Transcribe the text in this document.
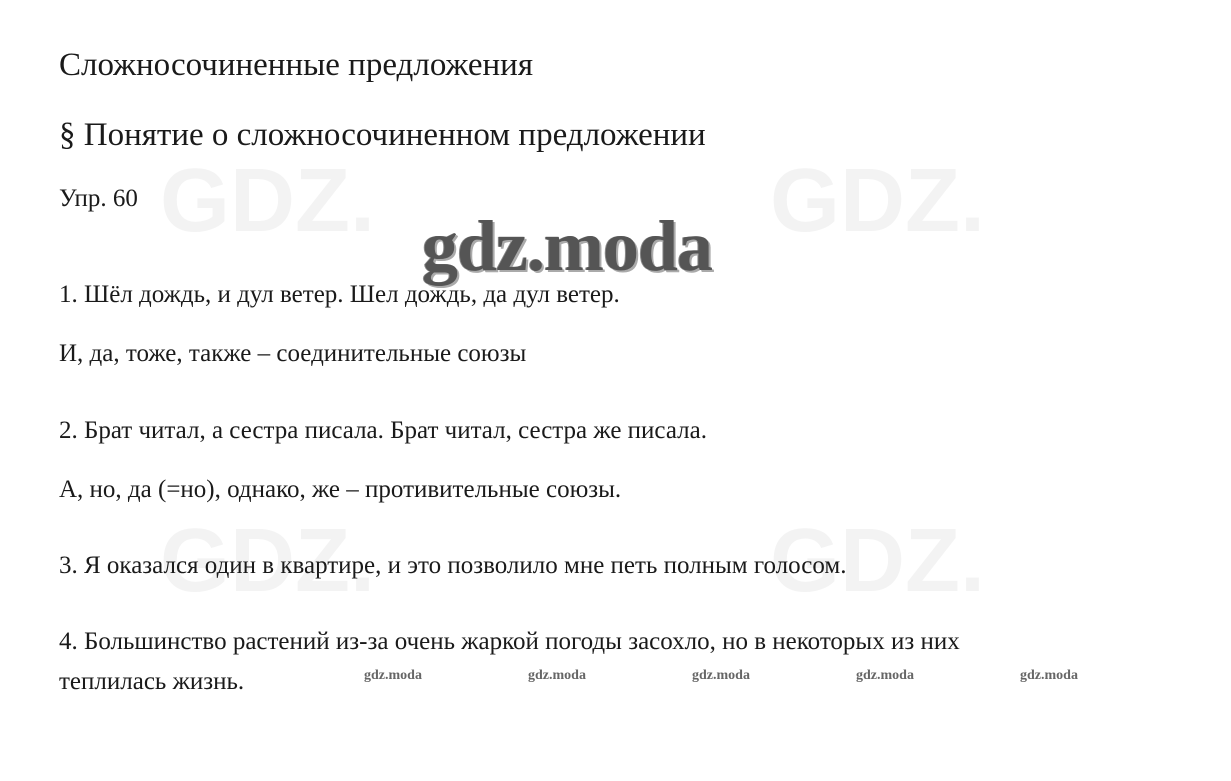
GDZ.	GDZ.
GDZ.	GDZ.
Сложносочиненные предложения
§ Понятие о сложносочиненном предложении
Упр. 60
gdz.moda
1. Шёл дождь, и дул ветер. Шел дождь, да дул ветер.
И, да, тоже, также – соединительные союзы
2. Брат читал, а сестра писала. Брат читал, сестра же писала.
А, но, да (=но), однако, же – противительные союзы.
3. Я оказался один в квартире, и это позволило мне петь полным голосом.
4. Большинство растений из-за очень жаркой погоды засохло, но в некоторых из них
теплилась жизнь.	gdz.moda	gdz.moda	gdz.moda	gdz.moda	gdz.moda
